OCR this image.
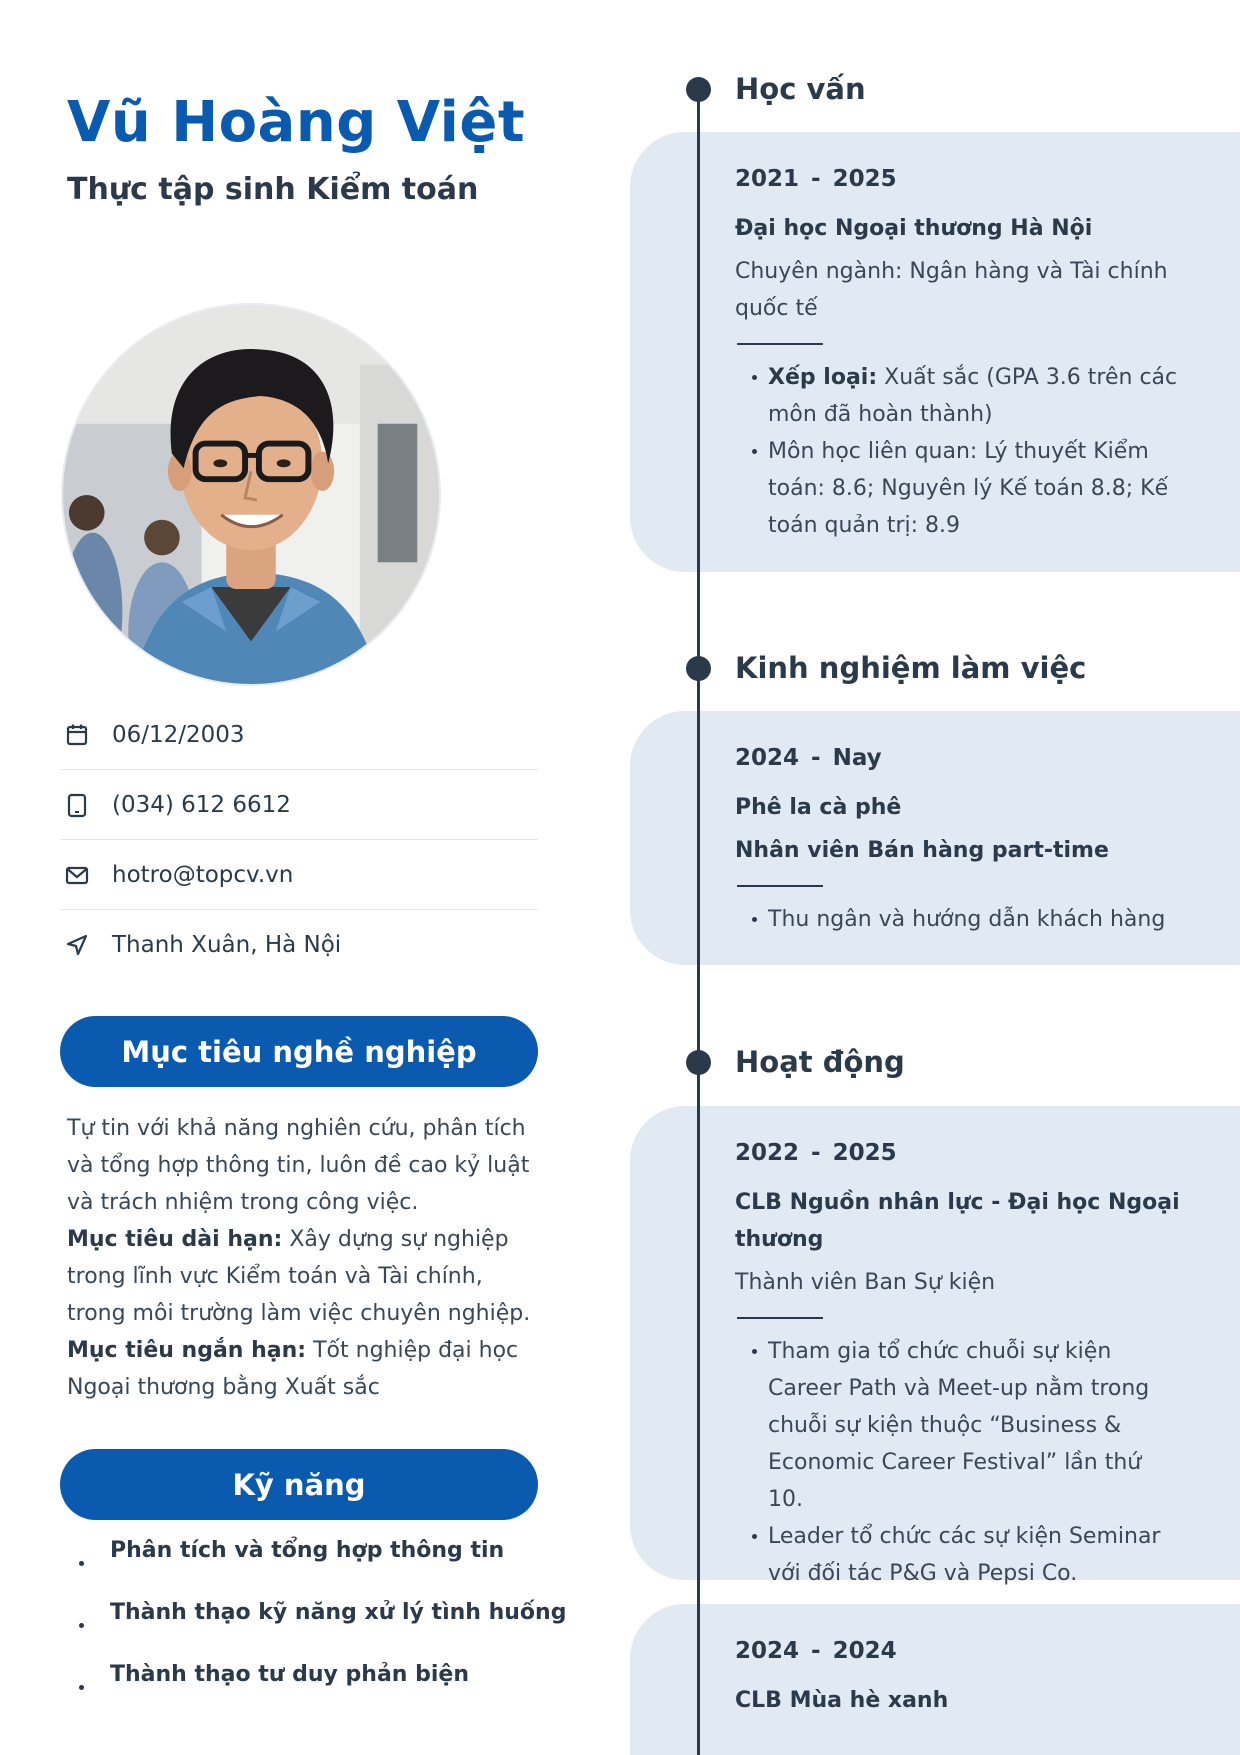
Vũ Hoàng Việt
Thực tập sinh Kiểm toán
06/12/2003
(034) 612 6612
hotro@topcv.vn
Thanh Xuân, Hà Nội
Mục tiêu nghề nghiệp

Tự tin với khả năng nghiên cứu, phân tích và tổng hợp thông tin, luôn đề cao kỷ luật và trách nhiệm trong công việc.

Mục tiêu dài hạn: Xây dựng sự nghiệp trong lĩnh vực Kiểm toán và Tài chính, trong môi trường làm việc chuyên nghiệp.

Mục tiêu ngắn hạn: Tốt nghiệp đại học Ngoại thương bằng Xuất sắc

Kỹ năng
Phân tích và tổng hợp thông tin
Thành thạo kỹ năng xử lý tình huống
Thành thạo tư duy phản biện
2021 - 2025
Đại học Ngoại thương Hà Nội
Chuyên ngành: Ngân hàng và Tài chính quốc tế
Xếp loại: Xuất sắc (GPA 3.6 trên các môn đã hoàn thành)
Môn học liên quan: Lý thuyết Kiểm toán: 8.6; Nguyên lý Kế toán 8.8; Kế toán quản trị: 8.9
2024 - Nay
Phê la cà phê
Nhân viên Bán hàng part-time
Thu ngân và hướng dẫn khách hàng
2022 - 2025
CLB Nguồn nhân lực - Đại học Ngoại thương
Thành viên Ban Sự kiện
Tham gia tổ chức chuỗi sự kiện Career Path và Meet-up nằm trong chuỗi sự kiện thuộc “Business & Economic Career Festival” lần thứ 10.
Leader tổ chức các sự kiện Seminar với đối tác P&G và Pepsi Co.
2024 - 2024
CLB Mùa hè xanh
Học vấn
Kinh nghiệm làm việc
Hoạt động
